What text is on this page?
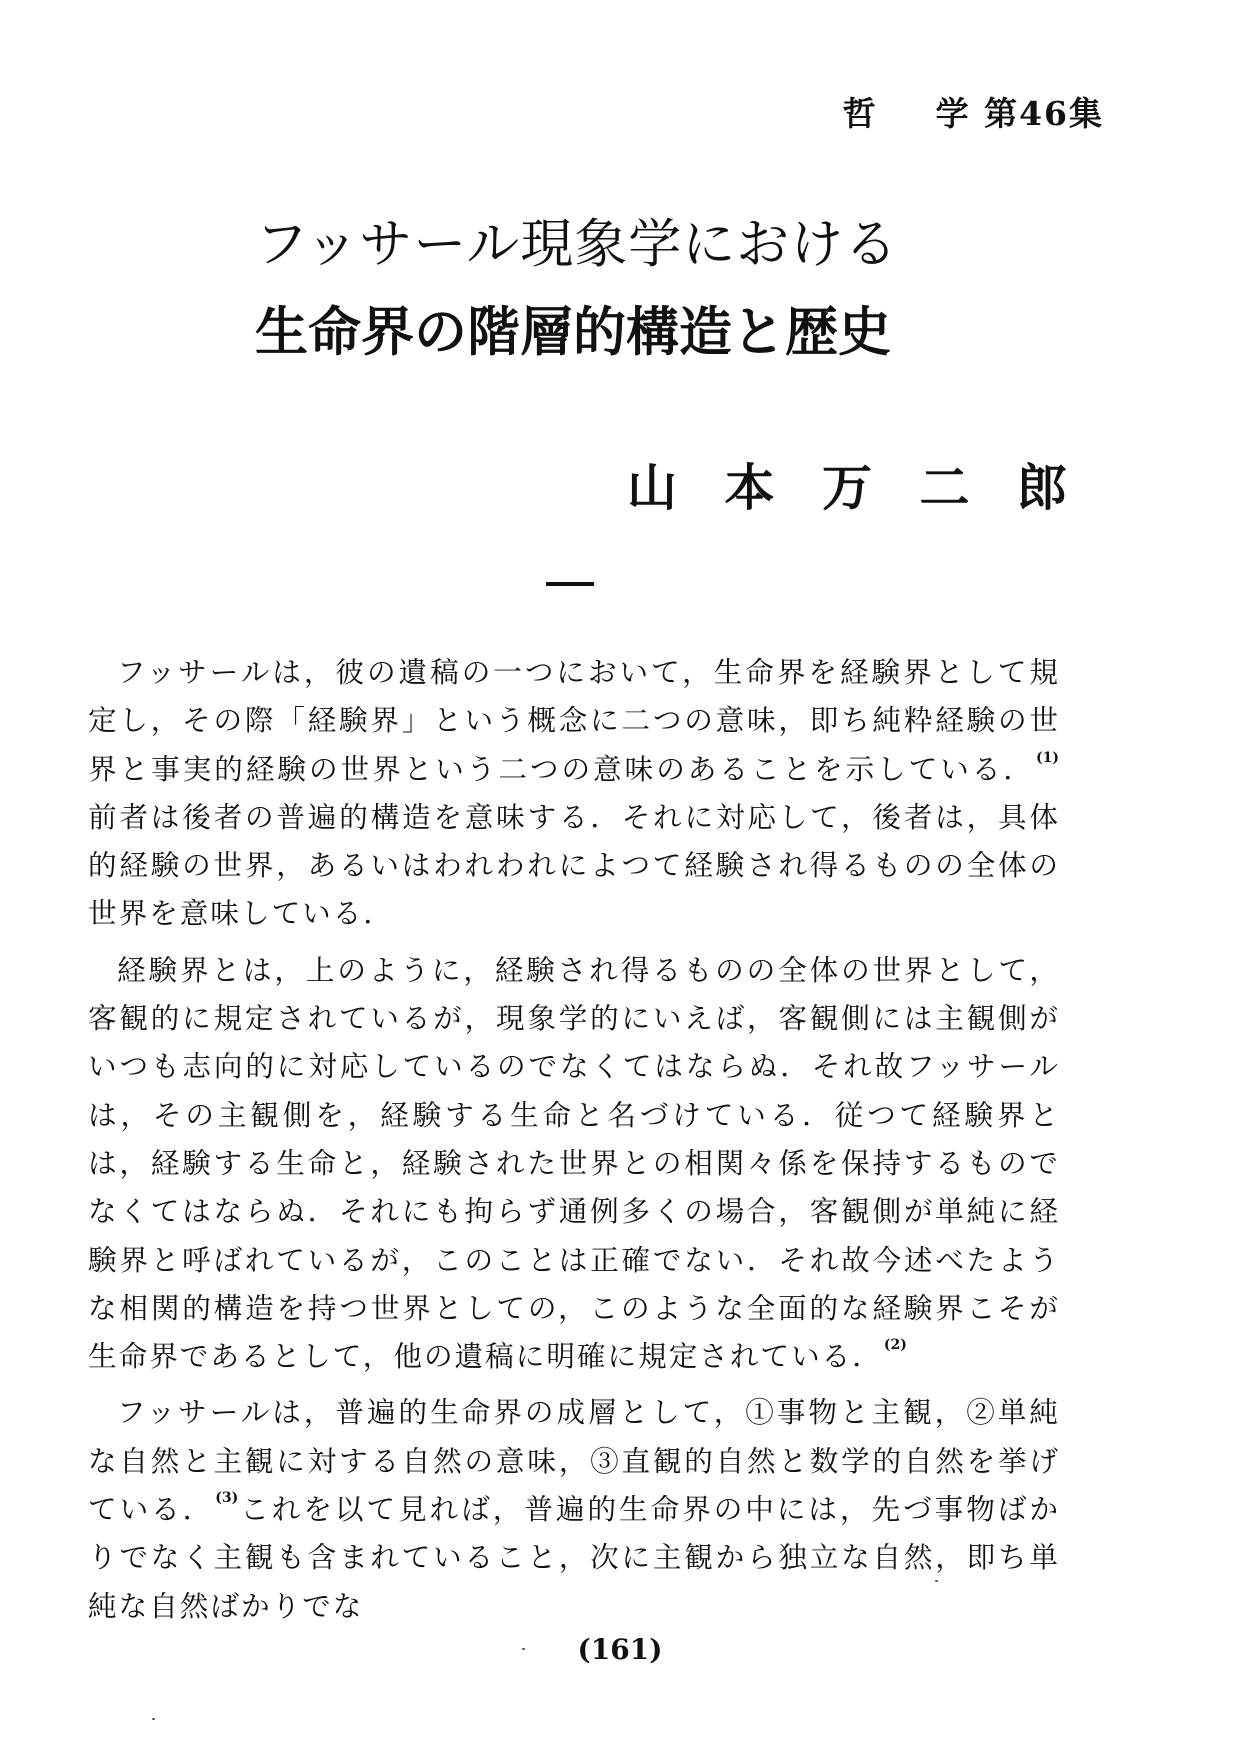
哲 学 第46集
フッサール現象学における
生命界の階層的構造と歴史
山 本 万 二 郎

フッサールは，彼の遺稿の一つにおいて，生命界を経験界として規定し，その際「経験界」という概念に二つの意味，即ち純粋経験の世界と事実的経験の世界という二つの意味のあることを示している．$^{(1)}$前者は後者の普遍的構造を意味する．それに対応して，後者は，具体的経験の世界，あるいはわれわれによつて経験され得るものの全体の世界を意味している．

経験界とは，上のように，経験され得るものの全体の世界として，客観的に規定されているが，現象学的にいえば，客観側には主観側がいつも志向的に対応しているのでなくてはならぬ．それ故フッサールは，その主観側を，経験する生命と名づけている．従つて経験界とは，経験する生命と，経験された世界との相関々係を保持するものでなくてはならぬ．それにも拘らず通例多くの場合，客観側が単純に経験界と呼ばれているが，このことは正確でない．それ故今述べたような相関的構造を持つ世界としての，このような全面的な経験界こそが生命界であるとして，他の遺稿に明確に規定されている．$^{(2)}$

フッサールは，普遍的生命界の成層として，①事物と主観，②単純な自然と主観に対する自然の意味，③直観的自然と数学的自然を挙げている．$^{(3)}$これを以て見れば，普遍的生命界の中には，先づ事物ばかりでなく主観も含まれていること，次に主観から独立な自然，即ち単純な自然ばかりでな

(161)
